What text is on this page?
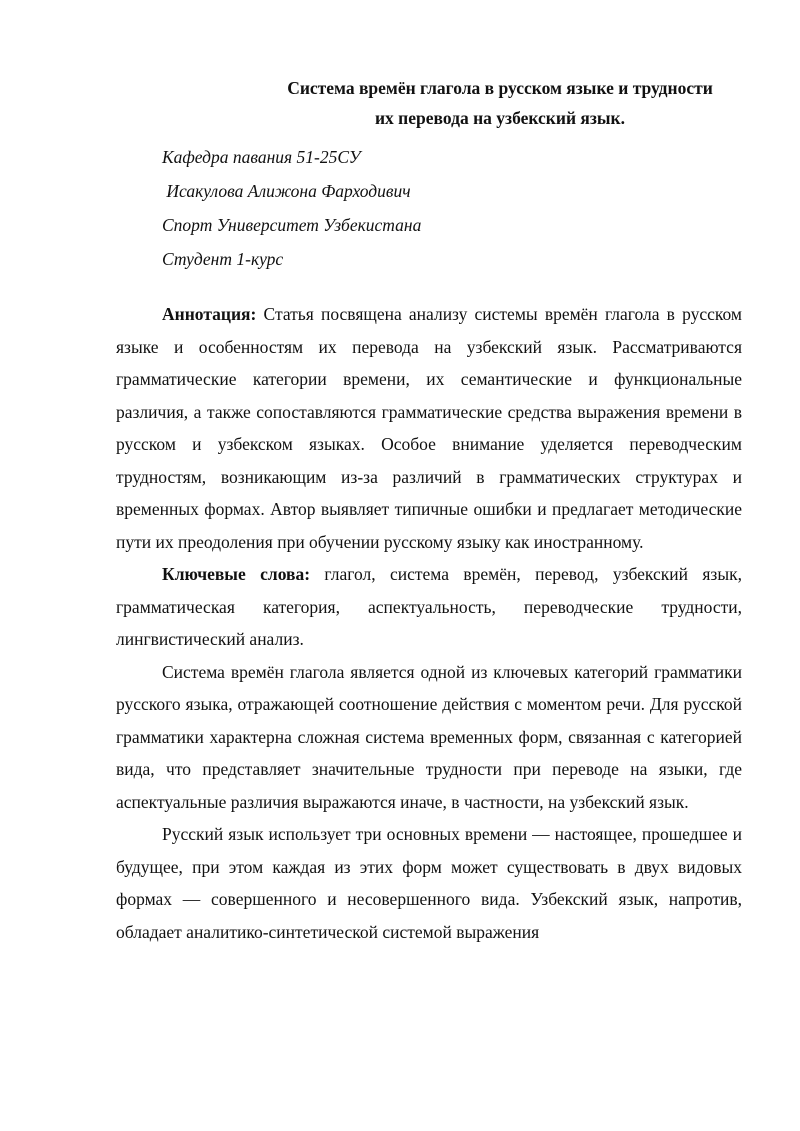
Система времён глагола в русском языке и трудности
их перевода на узбекский язык.
Кафедра павания 51-25СУ
Исакулова Алижона Фарходивич
Спорт Университет Узбекистана
Студент 1-курс

Аннотация: Статья посвящена анализу системы времён глагола в русском языке и особенностям их перевода на узбекский язык. Рассматриваются грамматические категории времени, их семантические и функциональные различия, а также сопоставляются грамматические средства выражения времени в русском и узбекском языках. Особое внимание уделяется переводческим трудностям, возникающим из-за различий в грамматических структурах и временных формах. Автор выявляет типичные ошибки и предлагает методические пути их преодоления при обучении русскому языку как иностранному.

Ключевые слова: глагол, система времён, перевод, узбекский язык, грамматическая категория, аспектуальность, переводческие трудности, лингвистический анализ.

Система времён глагола является одной из ключевых категорий грамматики русского языка, отражающей соотношение действия с моментом речи. Для русской грамматики характерна сложная система временных форм, связанная с категорией вида, что представляет значительные трудности при переводе на языки, где аспектуальные различия выражаются иначе, в частности, на узбекский язык.

Русский язык использует три основных времени — настоящее, прошедшее и будущее, при этом каждая из этих форм может существовать в двух видовых формах — совершенного и несовершенного вида. Узбекский язык, напротив, обладает аналитико-синтетической системой выражения
